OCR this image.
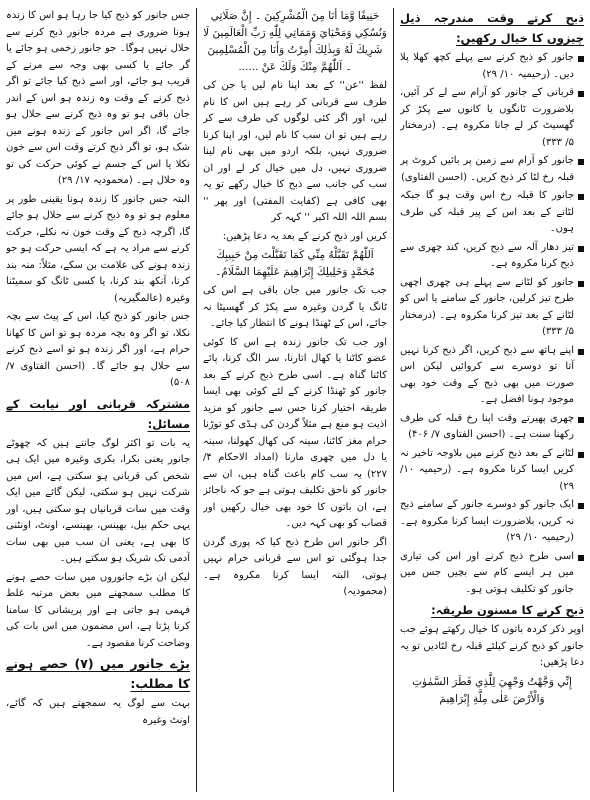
ذبح کرتے وقت مندرجہ ذیل چیزوں کا خیال رکھیں:

جانور کو ذبح کرنے سے پہلے کچھ کھلا پلا دیں۔ (رحیمیہ ۱۰/ ۲۹)

قربانی کے جانور کو آرام سے لے کر آئیں، بلاضرورت ٹانگوں یا کانوں سے پکڑ کر گھسیٹ کر لے جانا مکروہ ہے۔ (درمختار ۵/ ۳۳۳)

جانور کو آرام سے زمین پر بائیں کروٹ پر قبلہ رخ لٹا کر ذبح کریں۔ (احسن الفتاوی)

جانور کا قبلہ رخ اس وقت ہو گا جبکہ لٹانے کے بعد اس کے پیر قبلہ کی طرف ہوں۔

تیز دھار آلہ سے ذبح کریں، کند چھری سے ذبح کرنا مکروہ ہے۔

جانور کو لٹانے سے پہلے ہی چھری اچھی طرح تیز کرلیں، جانور کے سامنے یا اس کو لٹانے کے بعد تیز کرنا مکروہ ہے۔ (درمختار ۵/ ۳۳۳)

اپنے ہاتھ سے ذبح کریں، اگر ذبح کرنا نہیں آتا تو دوسرے سے کروائیں لیکن اس صورت میں بھی ذبح کے وقت خود بھی موجود ہونا افضل ہے۔

چھری پھیرتے وقت اپنا رخ قبلہ کی طرف رکھنا سنت ہے۔ (احسن الفتاوی ۷/ ۴۰۶)

لٹانے کے بعد ذبح کرنے میں بلاوجہ تاخیر نہ کریں ایسا کرنا مکروہ ہے۔ (رحیمیہ ۱۰/ ۲۹)

ایک جانور کو دوسرے جانور کے سامنے ذبح نہ کریں، بلاضرورت ایسا کرنا مکروہ ہے۔ (رحیمیہ ۱۰/ ۲۹)

اسی طرح ذبح کرنے اور اس کی تیاری میں ہر ایسے کام سے بچیں جس میں جانور کو تکلیف ہوتی ہو۔

ذبح کرنے کا مسنون طریقہ:

اوپر ذکر کردہ باتوں کا خیال رکھتے ہوئے جب جانور کو ذبح کرنے کیلئے قبلہ رخ لٹادیں تو یہ دعا پڑھیں:

إِنِّي وَجَّهْتُ وَجْهِيَ لِلَّذِي فَطَرَ السَّمٰوٰتِ وَالْأَرْضَ عَلٰى مِلَّةِ إِبْرَاهِيمَ

حَنِيفًا وَّمَا أَنَا مِنَ الْمُشْرِكِينَ ۔ إِنَّ صَلَاتِي وَنُسُكِي وَمَحْيَايَ وَمَمَاتِي لِلّٰهِ رَبِّ الْعَالَمِينَ لَا شَرِيكَ لَهُ وَبِذٰلِكَ أُمِرْتُ وَأَنَا مِنَ الْمُسْلِمِينَ ۔ اَللّٰهُمَّ مِنْكَ وَلَكَ عَنْ ......

لفظ ''عن'' کے بعد اپنا نام لیں یا جن کی طرف سے قربانی کر رہے ہیں اس کا نام لیں، اور اگر کئی لوگوں کی طرف سے کر رہے ہیں تو ان سب کا نام لیں، اور اپنا کرنا ضروری نہیں، بلکہ اردو میں بھی نام لینا ضروری نہیں، دل میں خیال کر لے اور ان سب کی جانب سے ذبح کا خیال رکھے تو یہ بھی کافی ہے (کفایت المفتی) اور پھر '' بسم اللہ اللہ اکبر '' کہہ کر

کریں اور ذبح کرنے کے بعد یہ دعا پڑھیں:

اَللّٰهُمَّ تَقَبَّلْهُ مِنِّي كَمَا تَقَبَّلْتَ مِنْ حَبِيبِكَ مُحَمَّدٍ وَخَلِيلِكَ إِبْرَاهِيمَ عَلَيْهِمَا السَّلَامُ۔

جب تک جانور میں جان باقی ہے اس کی ٹانگ یا گردن وغیرہ سے پکڑ کر گھسیٹا نہ جائے، اس کے ٹھنڈا ہونے کا انتظار کیا جائے۔

اور جب تک جانور زندہ ہے اس کا کوئی عضو کاٹنا یا کھال اتارنا، سر الگ کرنا، پائے کاٹنا گناہ ہے۔ اسی طرح ذبح کرنے کے بعد جانور کو ٹھنڈا کرنے کے لئے کوئی بھی ایسا طریقہ اختیار کرنا جس سے جانور کو مزید اذیت ہو منع ہے مثلاً گردن کی ہڈی کو توڑنا حرام مغز کاٹنا، سینہ کی کھال کھولنا، سینہ یا دل میں چھری مارنا (امداد الاحکام ۴/ ۲۲۷) یہ سب کام باعث گناہ ہیں، ان سے جانور کو ناحق تکلیف ہوتی ہے جو کہ ناجائز ہے، ان باتوں کا خود بھی خیال رکھیں اور قصاب کو بھی کہہ دیں۔

اگر جانور اس طرح ذبح کیا کہ پوری گردن جدا ہوگئی تو اس سے قربانی حرام نہیں ہوتی، البتہ ایسا کرنا مکروہ ہے۔ (محمودیہ)

جس جانور کو ذبح کیا جا رہا ہو اس کا زندہ ہونا ضروری ہے مردہ جانور ذبح کرنے سے حلال نہیں ہوگا۔ جو جانور زخمی ہو جائے یا گر جائے یا کسی بھی وجہ سے مرنے کے قریب ہو جائے، اور اسے ذبح کیا جائے تو اگر ذبح کرنے کے وقت وہ زندہ ہو اس کے اندر جان باقی ہو تو وہ ذبح کرنے سے حلال ہو جائے گا، اگر اس جانور کے زندہ ہونے میں شک ہو، تو اگر ذبح کرتے وقت اس سے خون نکلا یا اس کے جسم نے کوئی حرکت کی تو وہ حلال ہے۔ (محمودیہ ۱۷/ ۲۹)

البتہ جس جانور کا زندہ ہونا یقینی طور پر معلوم ہو تو وہ ذبح کرنے سے حلال ہو جائے گا، اگرچہ ذبح کے وقت خون نہ نکلے، حرکت کرنے سے مراد یہ ہے کہ ایسی حرکت ہو جو زندہ ہونے کی علامت بن سکے، مثلاً: منہ بند کرنا، آنکھ بند کرنا، یا کسی ٹانگ کو سمیٹنا وغیرہ (عالمگیریہ)

جس جانور کو ذبح کیا، اس کے پیٹ سے بچہ نکلا، تو اگر وہ بچہ مردہ ہو تو اس کا کھانا حرام ہے، اور اگر زندہ ہو تو اسے ذبح کرنے سے حلال ہو جائے گا۔ (احسن الفتاوی ۷/ ۵۰۸)

مشترکہ قربانی اور نیابت کے مسائل:

یہ بات تو اکثر لوگ جانتے ہیں کہ چھوٹے جانور یعنی بکرا، بکری وغیرہ میں ایک ہی شخص کی قربانی ہو سکتی ہے، اس میں شرکت نہیں ہو سکتی، لیکن گائے میں ایک وقت میں سات قربانیاں ہو سکتی ہیں، اور یہی حکم بیل، بھینس، بھینسے، اونٹ، اونٹنی کا بھی ہے، یعنی ان سب میں بھی سات آدمی تک شریک ہو سکتے ہیں۔

لیکن ان بڑے جانوروں میں سات حصے ہونے کا مطلب سمجھنے میں بعض مرتبہ غلط فہمی ہو جاتی ہے اور پریشانی کا سامنا کرنا پڑتا ہے، اس مضمون میں اس بات کی وضاحت کرنا مقصود ہے۔

بڑے جانور میں (۷) حصے ہونے کا مطلب:

بہت سے لوگ یہ سمجھتے ہیں کہ گائے، اونٹ وغیرہ
